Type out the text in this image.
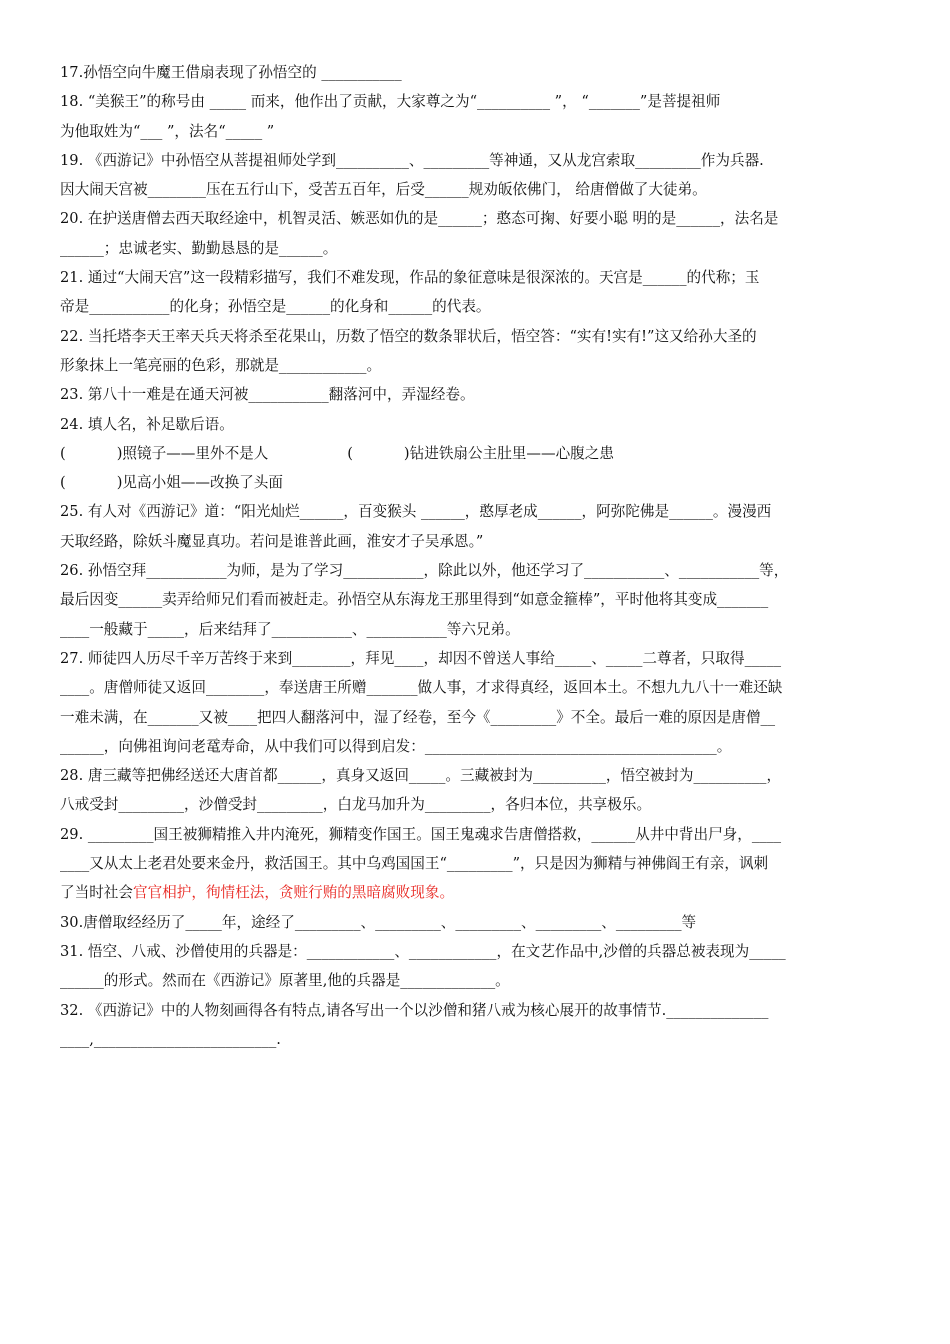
17.孙悟空向牛魔王借扇表现了孙悟空的 ___________
18. “美猴王”的称号由 _____ 而来，他作出了贡献，大家尊之为“__________ ”， “_______”是菩提祖师
为他取姓为“___ ”，法名“_____ ”
19. 《西游记》中孙悟空从菩提祖师处学到__________、_________等神通，又从龙宫索取_________作为兵器.
因大闹天宫被________压在五行山下，受苦五百年，后受______规劝皈依佛门， 给唐僧做了大徒弟。
20. 在护送唐僧去西天取经途中，机智灵活、嫉恶如仇的是______；憨态可掬、好要小聪 明的是______，法名是
______；忠诚老实、勤勤恳恳的是______。
21. 通过“大闹天宫”这一段精彩描写，我们不难发现，作品的象征意味是很深浓的。天宫是______的代称；玉
帝是___________的化身；孙悟空是______的化身和______的代表。
22. 当托塔李天王率天兵天将杀至花果山，历数了悟空的数条罪状后，悟空答：“实有!实有!”这又给孙大圣的
形象抹上一笔亮丽的色彩，那就是____________。
23. 第八十一难是在通天河被___________翻落河中，弄湿经卷。
24. 填人名，补足歇后语。
(           )照镜子——里外不是人                 (           )钻进铁扇公主肚里——心腹之患
(           )见高小姐——改换了头面
25. 有人对《西游记》道：“阳光灿烂______，百变猴头 ______，憨厚老成______，阿弥陀佛是______。漫漫西
天取经路，除妖斗魔显真功。若问是谁普此画，淮安才子吴承恩。”
26. 孙悟空拜___________为师，是为了学习___________，除此以外，他还学习了___________、___________等，
最后因变______卖弄给师兄们看而被赶走。孙悟空从东海龙王那里得到“如意金箍棒”，平时他将其变成_______
____一般藏于_____，后来结拜了___________、___________等六兄弟。
27. 师徒四人历尽千辛万苦终于来到________，拜见____，却因不曾送人事给_____、_____二尊者，只取得_____
____。唐僧师徒又返回________，奉送唐王所赠_______做人事，才求得真经，返回本土。不想九九八十一难还缺
一难未满，在_______又被____把四人翻落河中，湿了经卷，至今《_________》不全。最后一难的原因是唐僧__
______，向佛祖询问老鼋寿命，从中我们可以得到启发：________________________________________。
28. 唐三藏等把佛经送还大唐首都______，真身又返回_____。三藏被封为__________，悟空被封为__________，
八戒受封_________，沙僧受封_________，白龙马加升为_________，各归本位，共享极乐。
29. _________国王被狮精推入井内淹死，狮精变作国王。国王鬼魂求告唐僧搭救，______从井中背出尸身，____
____又从太上老君处要来金丹，救活国王。其中乌鸡国国王“_________”，只是因为狮精与神佛阎王有亲，讽刺
了当时社会官官相护，徇情枉法，贪赃行贿的黑暗腐败现象。
30.唐僧取经经历了_____年，途经了_________、_________、_________、_________、_________等
31. 悟空、八戒、沙僧使用的兵器是：____________、____________，在文艺作品中,沙僧的兵器总被表现为_____
______的形式。然而在《西游记》原著里,他的兵器是_____________。
32. 《西游记》中的人物刻画得各有特点,请各写出一个以沙僧和猪八戒为核心展开的故事情节.______________
____,_________________________.
